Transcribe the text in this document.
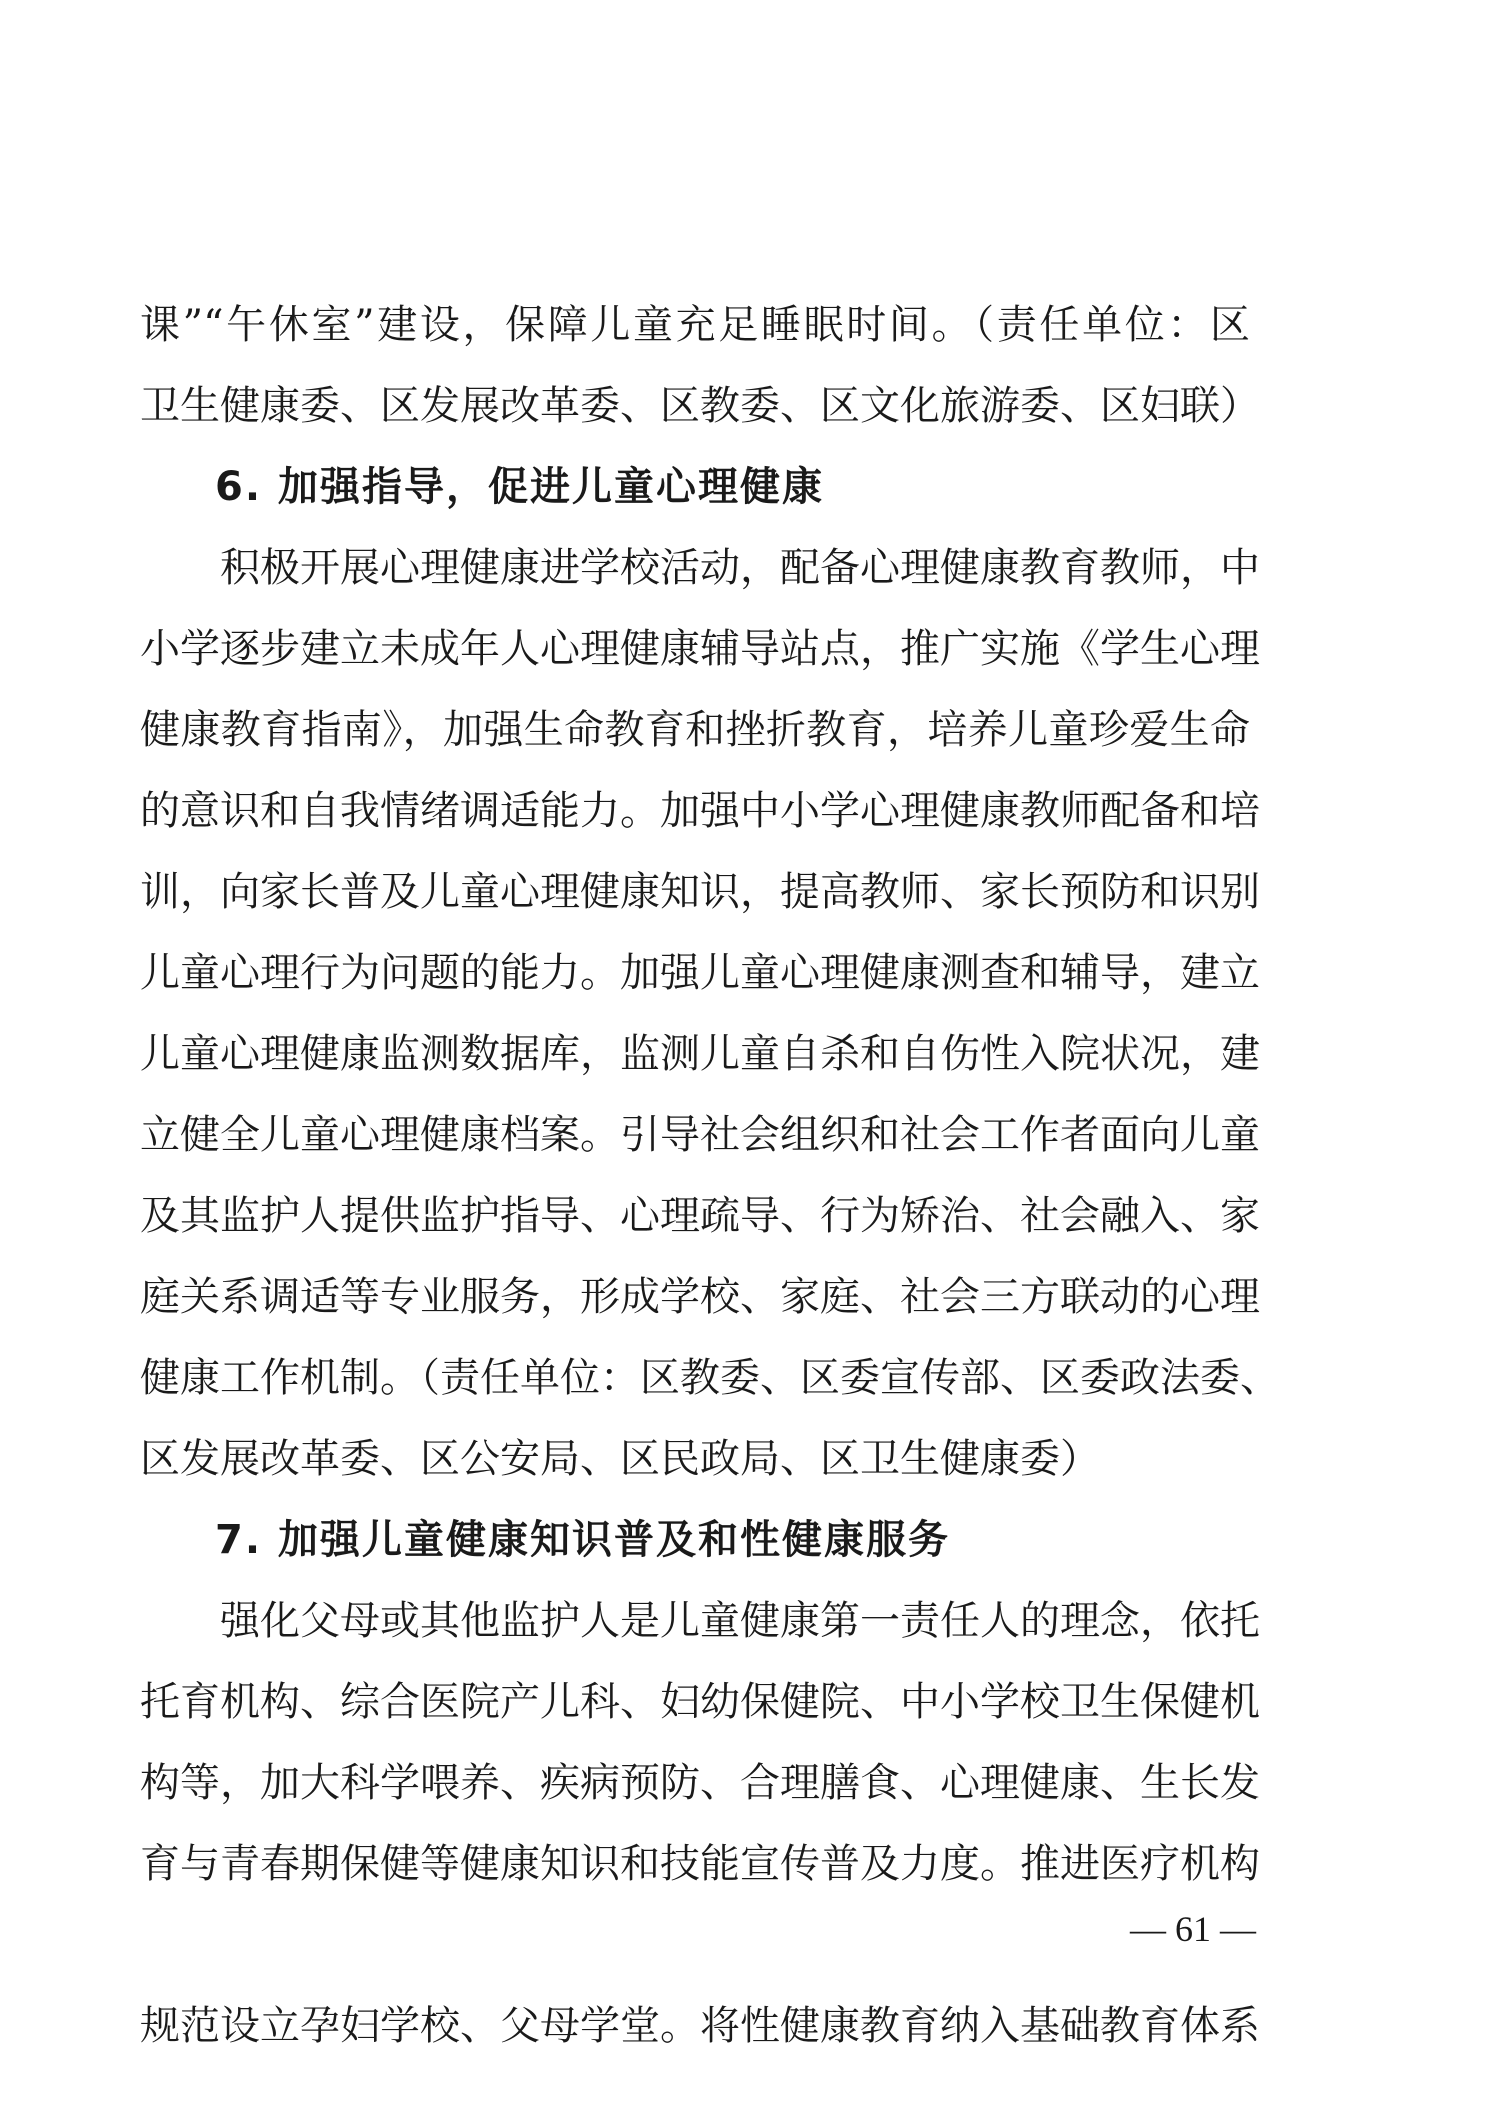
课”“午休室”建设，保障儿童充足睡眠时间。（责任单位：区
卫生健康委、区发展改革委、区教委、区文化旅游委、区妇联）
6. 加强指导，促进儿童心理健康
积极开展心理健康进学校活动，配备心理健康教育教师，中
小学逐步建立未成年人心理健康辅导站点，推广实施《学生心理
健康教育指南》，加强生命教育和挫折教育，培养儿童珍爱生命
的意识和自我情绪调适能力。加强中小学心理健康教师配备和培
训，向家长普及儿童心理健康知识，提高教师、家长预防和识别
儿童心理行为问题的能力。加强儿童心理健康测查和辅导，建立
儿童心理健康监测数据库，监测儿童自杀和自伤性入院状况，建
立健全儿童心理健康档案。引导社会组织和社会工作者面向儿童
及其监护人提供监护指导、心理疏导、行为矫治、社会融入、家
庭关系调适等专业服务，形成学校、家庭、社会三方联动的心理
健康工作机制。（责任单位：区教委、区委宣传部、区委政法委、
区发展改革委、区公安局、区民政局、区卫生健康委）
7. 加强儿童健康知识普及和性健康服务
强化父母或其他监护人是儿童健康第一责任人的理念，依托
托育机构、综合医院产儿科、妇幼保健院、中小学校卫生保健机
构等，加大科学喂养、疾病预防、合理膳食、心理健康、生长发
育与青春期保健等健康知识和技能宣传普及力度。推进医疗机构
规范设立孕妇学校、父母学堂。将性健康教育纳入基础教育体系
— 61 —
